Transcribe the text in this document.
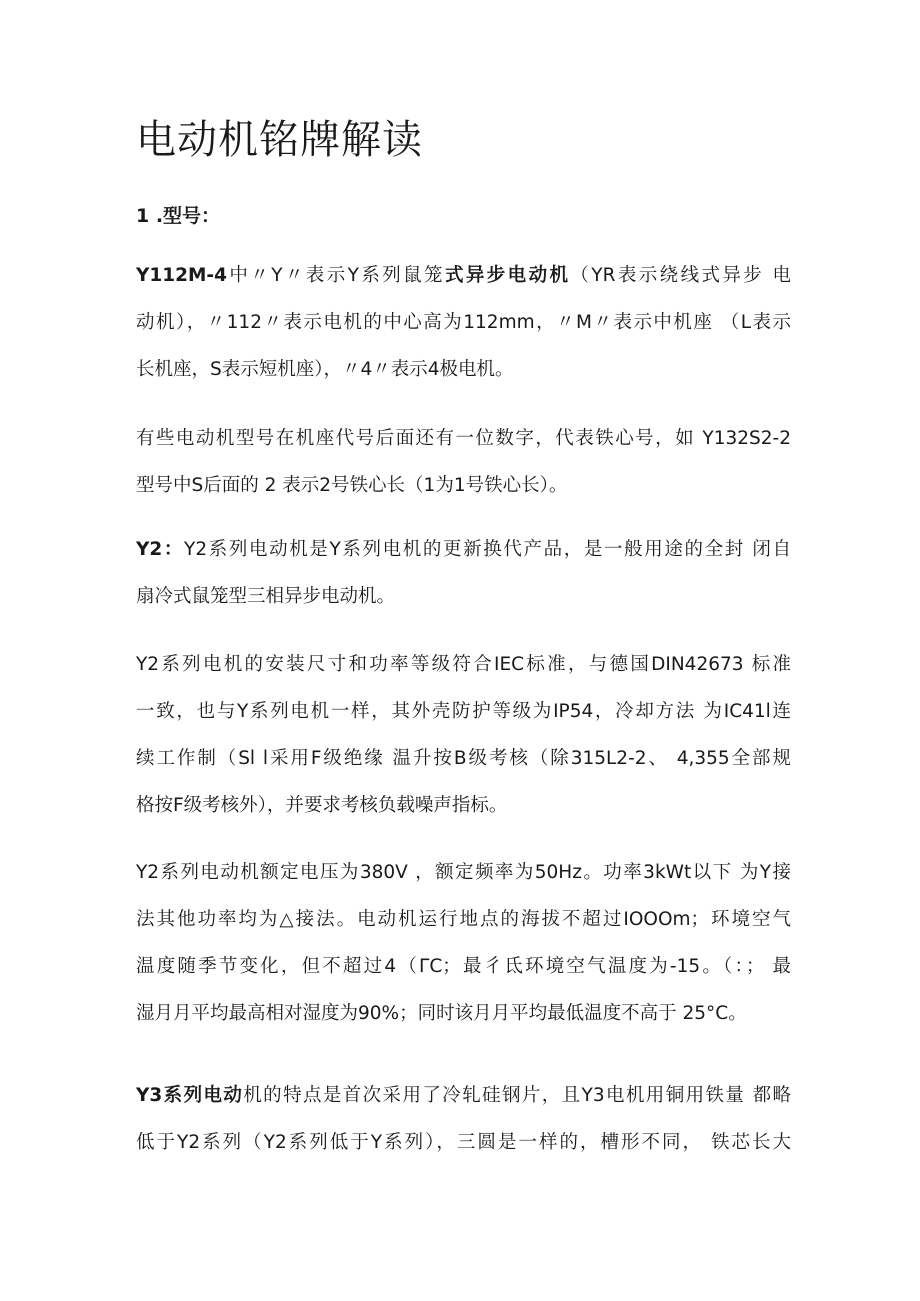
电动机铭牌解读
1 .型号：

Y112M-4中〃Y〃表示Y系列鼠笼式异步电动机（YR表示绕线式异步 电
动机），〃112〃表示电机的中心高为112mm，〃M〃表示中机座 （L表示
长机座，S表示短机座），〃4〃表示4极电机。

有些电动机型号在机座代号后面还有一位数字，代表铁心号，如 Y132S2-2
型号中S后面的 2 表示2号铁心长（1为1号铁心长）。

Y2：Y2系列电动机是Y系列电机的更新换代产品，是一般用途的全封 闭自
扇冷式鼠笼型三相异步电动机。

Y2系列电机的安装尺寸和功率等级符合IEC标准，与德国DIN42673 标准
一致，也与Y系列电机一样，其外壳防护等级为IP54，冷却方法 为IC41l连
续工作制（Sl l采用F级绝缘 温升按B级考核（除315L2-2、 4,355全部规
格按F级考核外），并要求考核负载噪声指标。

Y2系列电动机额定电压为380V ，额定频率为50Hz。功率3kWt以下 为Y接
法其他功率均为△接法。电动机运行地点的海拔不超过IOOOm；环境空气
温度随季节变化，但不超过4（ΓC；最彳氐环境空气温度为-15。（：； 最
湿月月平均最高相对湿度为90%；同时该月月平均最低温度不高于 25°C。

Y3系列电动机的特点是首次采用了冷轧硅钢片，且Y3电机用铜用铁量 都略
低于Y2系列（Y2系列低于Y系列），三圆是一样的，槽形不同， 铁芯长大
